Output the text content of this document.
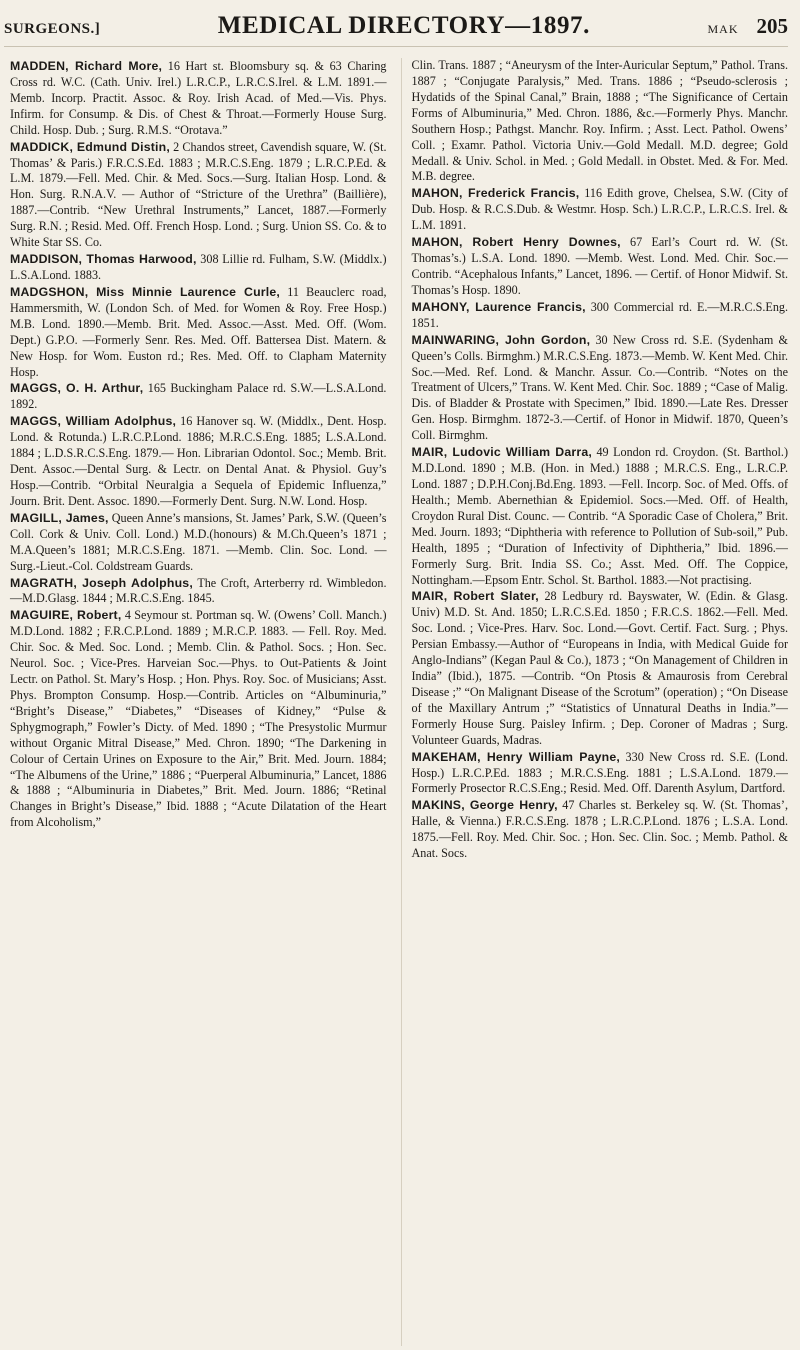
SURGEONS.]	MEDICAL DIRECTORY—1897.	MAK 205

MADDEN, Richard More, 16 Hart st. Bloomsbury sq. & 63 Charing Cross rd. W.C. (Cath. Univ. Irel.) L.R.C.P., L.R.C.S.Irel. & L.M. 1891.—Memb. Incorp. Practit. Assoc. & Roy. Irish Acad. of Med.—Vis. Phys. Infirm. for Consump. & Dis. of Chest & Throat.—Formerly House Surg. Child. Hosp. Dub. ; Surg. R.M.S. “Orotava.”

MADDICK, Edmund Distin, 2 Chandos street, Cavendish square, W. (St. Thomas’ & Paris.) F.R.C.S.Ed. 1883 ; M.R.C.S.Eng. 1879 ; L.R.C.P.Ed. & L.M. 1879.—Fell. Med. Chir. & Med. Socs.—Surg. Italian Hosp. Lond. & Hon. Surg. R.N.A.V. — Author of “Stricture of the Urethra” (Baillière), 1887.—Contrib. “New Urethral Instruments,” Lancet, 1887.—Formerly Surg. R.N. ; Resid. Med. Off. French Hosp. Lond. ; Surg. Union SS. Co. & to White Star SS. Co.

MADDISON, Thomas Harwood, 308 Lillie rd. Fulham, S.W. (Middlx.) L.S.A.Lond. 1883.

MADGSHON, Miss Minnie Laurence Curle, 11 Beauclerc road, Hammersmith, W. (London Sch. of Med. for Women & Roy. Free Hosp.) M.B. Lond. 1890.—Memb. Brit. Med. Assoc.—Asst. Med. Off. (Wom. Dept.) G.P.O. —Formerly Senr. Res. Med. Off. Battersea Dist. Matern. & New Hosp. for Wom. Euston rd.; Res. Med. Off. to Clapham Maternity Hosp.

MAGGS, O. H. Arthur, 165 Buckingham Palace rd. S.W.—L.S.A.Lond. 1892.

MAGGS, William Adolphus, 16 Hanover sq. W. (Middlx., Dent. Hosp. Lond. & Rotunda.) L.R.C.P.Lond. 1886; M.R.C.S.Eng. 1885; L.S.A.Lond. 1884 ; L.D.S.R.C.S.Eng. 1879.— Hon. Librarian Odontol. Soc.; Memb. Brit. Dent. Assoc.—Dental Surg. & Lectr. on Dental Anat. & Physiol. Guy’s Hosp.—Contrib. “Orbital Neuralgia a Sequela of Epidemic Influenza,” Journ. Brit. Dent. Assoc. 1890.—Formerly Dent. Surg. N.W. Lond. Hosp.

MAGILL, James, Queen Anne’s mansions, St. James’ Park, S.W. (Queen’s Coll. Cork & Univ. Coll. Lond.) M.D.(honours) & M.Ch.Queen’s 1871 ; M.A.Queen’s 1881; M.R.C.S.Eng. 1871. —Memb. Clin. Soc. Lond. — Surg.-Lieut.-Col. Coldstream Guards.

MAGRATH, Joseph Adolphus, The Croft, Arterberry rd. Wimbledon.—M.D.Glasg. 1844 ; M.R.C.S.Eng. 1845.

MAGUIRE, Robert, 4 Seymour st. Portman sq. W. (Owens’ Coll. Manch.) M.D.Lond. 1882 ; F.R.C.P.Lond. 1889 ; M.R.C.P. 1883. — Fell. Roy. Med. Chir. Soc. & Med. Soc. Lond. ; Memb. Clin. & Pathol. Socs. ; Hon. Sec. Neurol. Soc. ; Vice-Pres. Harveian Soc.—Phys. to Out-Patients & Joint Lectr. on Pathol. St. Mary’s Hosp. ; Hon. Phys. Roy. Soc. of Musicians; Asst. Phys. Brompton Consump. Hosp.—Contrib. Articles on “Albuminuria,” “Bright’s Disease,” “Diabetes,” “Diseases of Kidney,” “Pulse & Sphygmograph,” Fowler’s Dicty. of Med. 1890 ; “The Presystolic Murmur without Organic Mitral Disease,” Med. Chron. 1890; “The Darkening in Colour of Certain Urines on Exposure to the Air,” Brit. Med. Journ. 1884; “The Albumens of the Urine,” 1886 ; “Puerperal Albuminuria,” Lancet, 1886 & 1888 ; “Albuminuria in Diabetes,” Brit. Med. Journ. 1886; “Retinal Changes in Bright’s Disease,” Ibid. 1888 ; “Acute Dilatation of the Heart from Alcoholism,”

Clin. Trans. 1887 ; “Aneurysm of the Inter-Auricular Septum,” Pathol. Trans. 1887 ; “Conjugate Paralysis,” Med. Trans. 1886 ; “Pseudo-sclerosis ; Hydatids of the Spinal Canal,” Brain, 1888 ; “The Significance of Certain Forms of Albuminuria,” Med. Chron. 1886, &c.—Formerly Phys. Manchr. Southern Hosp.; Pathgst. Manchr. Roy. Infirm. ; Asst. Lect. Pathol. Owens’ Coll. ; Examr. Pathol. Victoria Univ.—Gold Medall. M.D. degree; Gold Medall. & Univ. Schol. in Med. ; Gold Medall. in Obstet. Med. & For. Med. M.B. degree.

MAHON, Frederick Francis, 116 Edith grove, Chelsea, S.W. (City of Dub. Hosp. & R.C.S.Dub. & Westmr. Hosp. Sch.) L.R.C.P., L.R.C.S. Irel. & L.M. 1891.

MAHON, Robert Henry Downes, 67 Earl’s Court rd. W. (St. Thomas’s.) L.S.A. Lond. 1890. —Memb. West. Lond. Med. Chir. Soc.—Contrib. “Acephalous Infants,” Lancet, 1896. — Certif. of Honor Midwif. St. Thomas’s Hosp. 1890.

MAHONY, Laurence Francis, 300 Commercial rd. E.—M.R.C.S.Eng. 1851.

MAINWARING, John Gordon, 30 New Cross rd. S.E. (Sydenham & Queen’s Colls. Birmghm.) M.R.C.S.Eng. 1873.—Memb. W. Kent Med. Chir. Soc.—Med. Ref. Lond. & Manchr. Assur. Co.—Contrib. “Notes on the Treatment of Ulcers,” Trans. W. Kent Med. Chir. Soc. 1889 ; “Case of Malig. Dis. of Bladder & Prostate with Specimen,” Ibid. 1890.—Late Res. Dresser Gen. Hosp. Birmghm. 1872-3.—Certif. of Honor in Midwif. 1870, Queen’s Coll. Birmghm.

MAIR, Ludovic William Darra, 49 London rd. Croydon. (St. Barthol.) M.D.Lond. 1890 ; M.B. (Hon. in Med.) 1888 ; M.R.C.S. Eng., L.R.C.P. Lond. 1887 ; D.P.H.Conj.Bd.Eng. 1893. —Fell. Incorp. Soc. of Med. Offs. of Health.; Memb. Abernethian & Epidemiol. Socs.—Med. Off. of Health, Croydon Rural Dist. Counc. — Contrib. “A Sporadic Case of Cholera,” Brit. Med. Journ. 1893; “Diphtheria with reference to Pollution of Sub-soil,” Pub. Health, 1895 ; “Duration of Infectivity of Diphtheria,” Ibid. 1896.—Formerly Surg. Brit. India SS. Co.; Asst. Med. Off. The Coppice, Nottingham.—Epsom Entr. Schol. St. Barthol. 1883.—Not practising.

MAIR, Robert Slater, 28 Ledbury rd. Bayswater, W. (Edin. & Glasg. Univ) M.D. St. And. 1850; L.R.C.S.Ed. 1850 ; F.R.C.S. 1862.—Fell. Med. Soc. Lond. ; Vice-Pres. Harv. Soc. Lond.—Govt. Certif. Fact. Surg. ; Phys. Persian Embassy.—Author of “Europeans in India, with Medical Guide for Anglo-Indians” (Kegan Paul & Co.), 1873 ; “On Management of Children in India” (Ibid.), 1875. —Contrib. “On Ptosis & Amaurosis from Cerebral Disease ;” “On Malignant Disease of the Scrotum” (operation) ; “On Disease of the Maxillary Antrum ;” “Statistics of Unnatural Deaths in India.”—Formerly House Surg. Paisley Infirm. ; Dep. Coroner of Madras ; Surg. Volunteer Guards, Madras.

MAKEHAM, Henry William Payne, 330 New Cross rd. S.E. (Lond. Hosp.) L.R.C.P.Ed. 1883 ; M.R.C.S.Eng. 1881 ; L.S.A.Lond. 1879.— Formerly Prosector R.C.S.Eng.; Resid. Med. Off. Darenth Asylum, Dartford.

MAKINS, George Henry, 47 Charles st. Berkeley sq. W. (St. Thomas’, Halle, & Vienna.) F.R.C.S.Eng. 1878 ; L.R.C.P.Lond. 1876 ; L.S.A. Lond. 1875.—Fell. Roy. Med. Chir. Soc. ; Hon. Sec. Clin. Soc. ; Memb. Pathol. & Anat. Socs.
